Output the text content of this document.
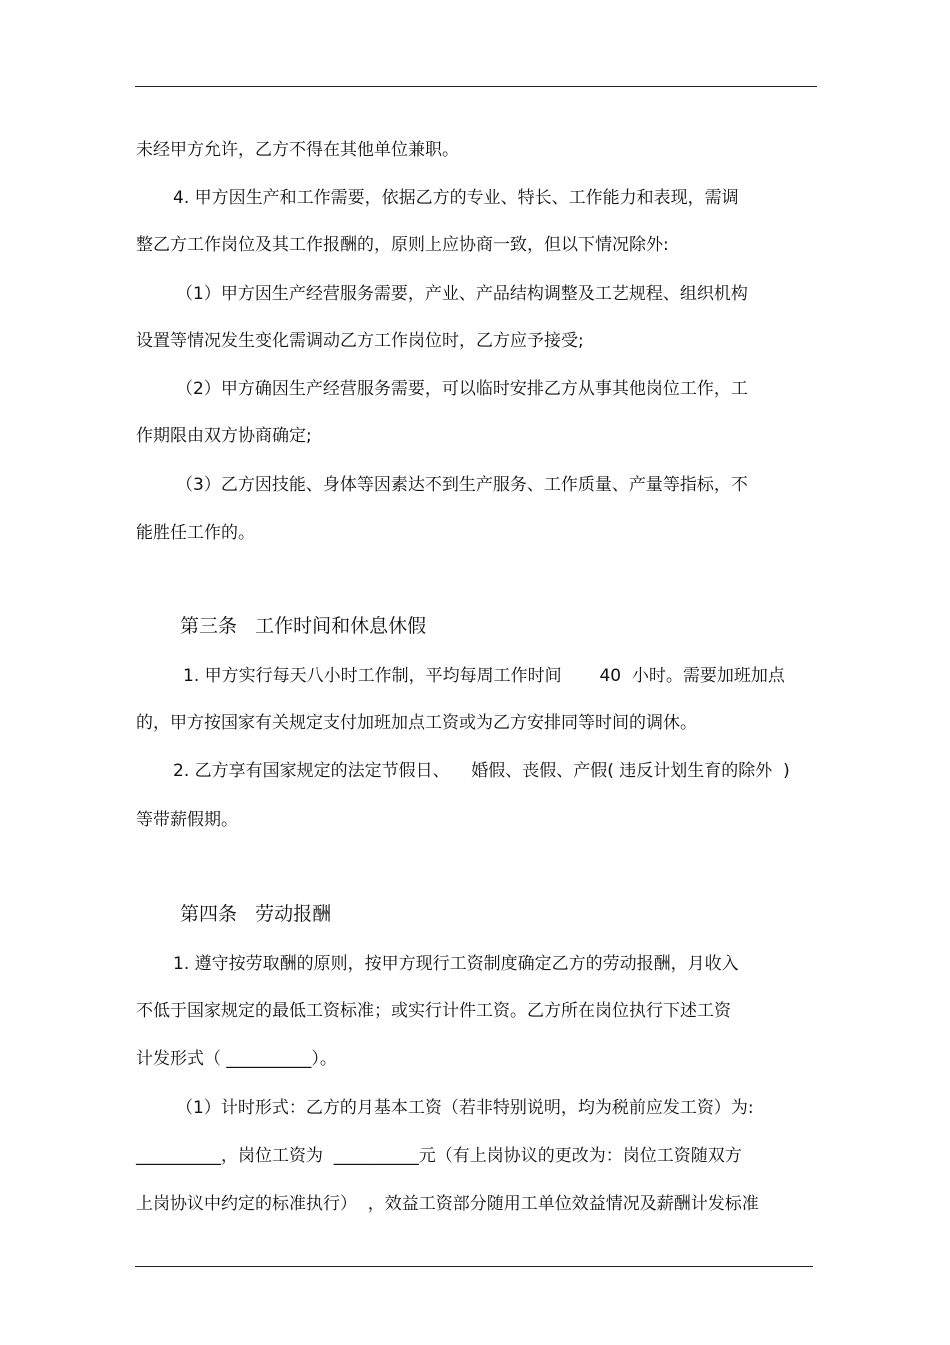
未经甲方允许，乙方不得在其他单位兼职。
4. 甲方因生产和工作需要，依据乙方的专业、特长、工作能力和表现，需调
整乙方工作岗位及其工作报酬的，原则上应协商一致，但以下情况除外:
（1）甲方因生产经营服务需要，产业、产品结构调整及工艺规程、组织机构
设置等情况发生变化需调动乙方工作岗位时，乙方应予接受;
（2）甲方确因生产经营服务需要，可以临时安排乙方从事其他岗位工作，工
作期限由双方协商确定;
（3）乙方因技能、身体等因素达不到生产服务、工作质量、产量等指标，不
能胜任工作的。
第三条   工作时间和休息休假
1. 甲方实行每天八小时工作制，平均每周工作时间       40  小时。需要加班加点
的，甲方按国家有关规定支付加班加点工资或为乙方安排同等时间的调休。
2. 乙方享有国家规定的法定节假日、    婚假、丧假、产假( 违反计划生育的除外  )
等带薪假期。
第四条   劳动报酬
1. 遵守按劳取酬的原则，按甲方现行工资制度确定乙方的劳动报酬，月收入
不低于国家规定的最低工资标准；或实行计件工资。乙方所在岗位执行下述工资
计发形式（ __________）。
（1）计时形式：乙方的月基本工资（若非特别说明，均为税前应发工资）为:
__________，岗位工资为  __________元（有上岗协议的更改为：岗位工资随双方
上岗协议中约定的标准执行）  ，效益工资部分随用工单位效益情况及薪酬计发标准
